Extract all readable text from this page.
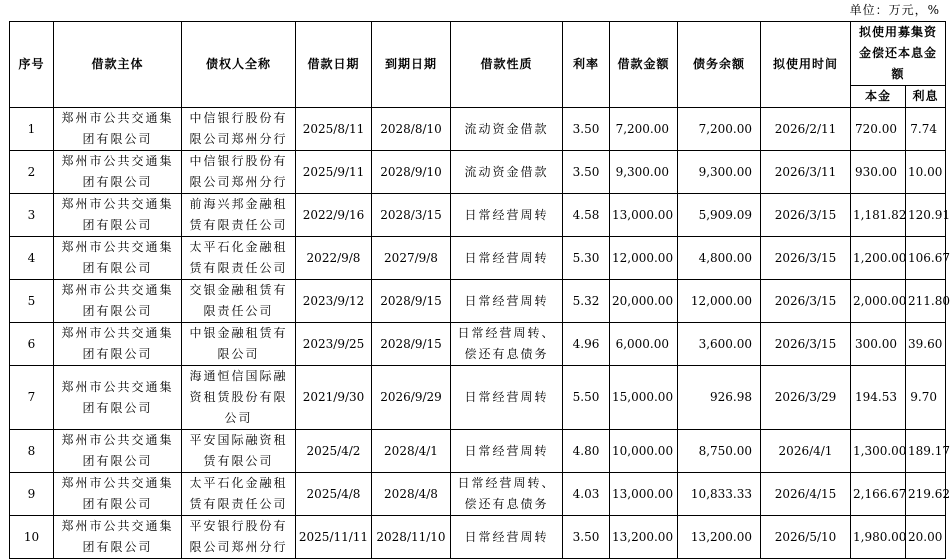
单位：万元，%
序号	借款主体	债权人全称	借款日期	到期日期	借款性质	利率	借款金额	债务余额	拟使用时间	拟使用募集资金偿还本息金额	
										本金	利息
1	郑州市公共交通集团有限公司	中信银行股份有限公司郑州分行	2025/8/11	2028/8/10	流动资金借款	3.50	7,200.00	7,200.00	2026/2/11	720.00	7.74
2	郑州市公共交通集团有限公司	中信银行股份有限公司郑州分行	2025/9/11	2028/9/10	流动资金借款	3.50	9,300.00	9,300.00	2026/3/11	930.00	10.00
3	郑州市公共交通集团有限公司	前海兴邦金融租赁有限责任公司	2022/9/16	2028/3/15	日常经营周转	4.58	13,000.00	5,909.09	2026/3/15	1,181.82	120.91
4	郑州市公共交通集团有限公司	太平石化金融租赁有限责任公司	2022/9/8	2027/9/8	日常经营周转	5.30	12,000.00	4,800.00	2026/3/15	1,200.00	106.67
5	郑州市公共交通集团有限公司	交银金融租赁有限责任公司	2023/9/12	2028/9/15	日常经营周转	5.32	20,000.00	12,000.00	2026/3/15	2,000.00	211.80
6	郑州市公共交通集团有限公司	中银金融租赁有限公司	2023/9/25	2028/9/15	日常经营周转、偿还有息债务	4.96	6,000.00	3,600.00	2026/3/15	300.00	39.60
7	郑州市公共交通集团有限公司	海通恒信国际融资租赁股份有限公司	2021/9/30	2026/9/29	日常经营周转	5.50	15,000.00	926.98	2026/3/29	194.53	9.70
8	郑州市公共交通集团有限公司	平安国际融资租赁有限公司	2025/4/2	2028/4/1	日常经营周转	4.80	10,000.00	8,750.00	2026/4/1	1,300.00	189.17
9	郑州市公共交通集团有限公司	太平石化金融租赁有限责任公司	2025/4/8	2028/4/8	日常经营周转、偿还有息债务	4.03	13,000.00	10,833.33	2026/4/15	2,166.67	219.62
10	郑州市公共交通集团有限公司	平安银行股份有限公司郑州分行	2025/11/11	2028/11/10	日常经营周转	3.50	13,200.00	13,200.00	2026/5/10	1,980.00	20.00
